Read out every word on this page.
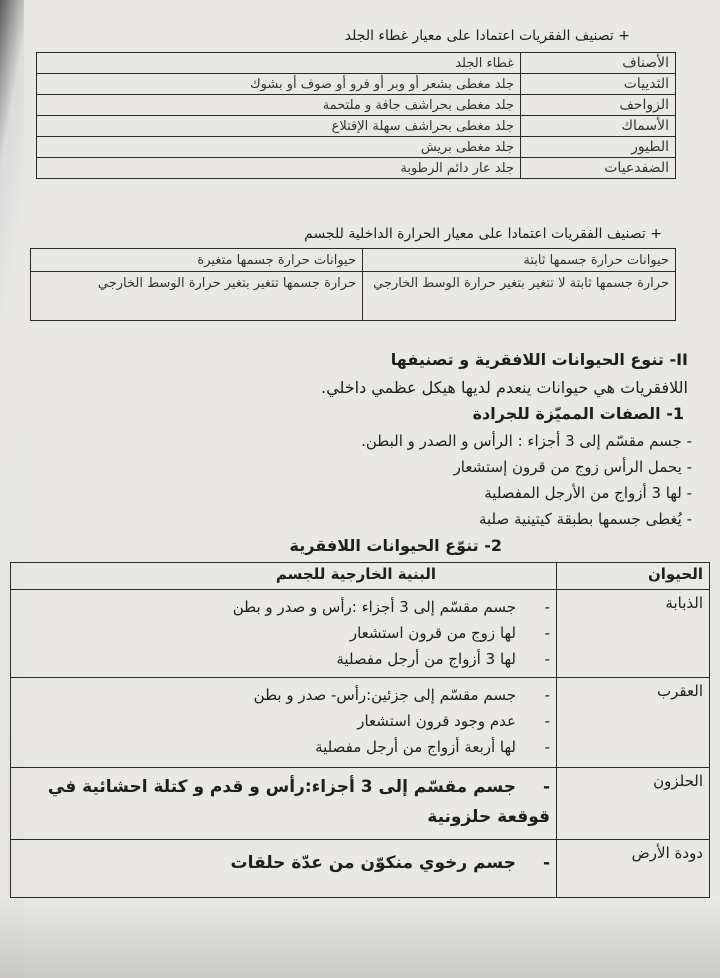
+ تصنيف الفقريات اعتمادا على معيار غطاء الجلد
الأصناف	غطاء الجلد
الثدييات	جلد مغطى بشعر أو وبر أو فرو أو صوف أو بشوك
الزواحف	جلد مغطى بحراشف جافة و ملتحمة
الأسماك	جلد مغطى بحراشف سهلة الإقتلاع
الطيور	جلد مغطى بريش
الضفدعيات	جلد عار دائم الرطوبة
+ تصنيف الفقريات اعتمادا على معيار الحرارة الداخلية للجسم
حيوانات حرارة جسمها ثابتة	حيوانات حرارة جسمها متغيرة
حرارة جسمها ثابتة لا تتغير بتغير حرارة الوسط الخارجي	حرارة جسمها تتغير بتغير حرارة الوسط الخارجي
II- تنوع الحيوانات اللافقرية و تصنيفها
اللافقريات هي حيوانات ينعدم لديها هيكل عظمي داخلي.
1- الصفات المميّزة للجرادة
- جسم مقسّم إلى 3 أجزاء : الرأس و الصدر و البطن.
- يحمل الرأس زوج من قرون إستشعار
- لها 3 أزواج من الأرجل المفصلية
- يُغطى جسمها بطبقة كيتينية صلبة
2- تنوّع الحيوانات اللافقرية
الحيوان	البنية الخارجية للجسم
الذبابة	-جسم مقسّم إلى 3 أجزاء :رأس و صدر و بطن
-لها زوج من قرون استشعار
-لها 3 أزواج من أرجل مفصلية

العقرب	-جسم مقسّم إلى جزئين:رأس- صدر و بطن
-عدم وجود قرون استشعار
-لها أربعة أزواج من أرجل مفصلية

الحلزون	-جسم مقسّم إلى 3 أجزاء:رأس و قدم و كتلة احشائية في قوقعة حلزونية

دودة الأرض	-جسم رخوي منكوّن من عدّة حلقات
